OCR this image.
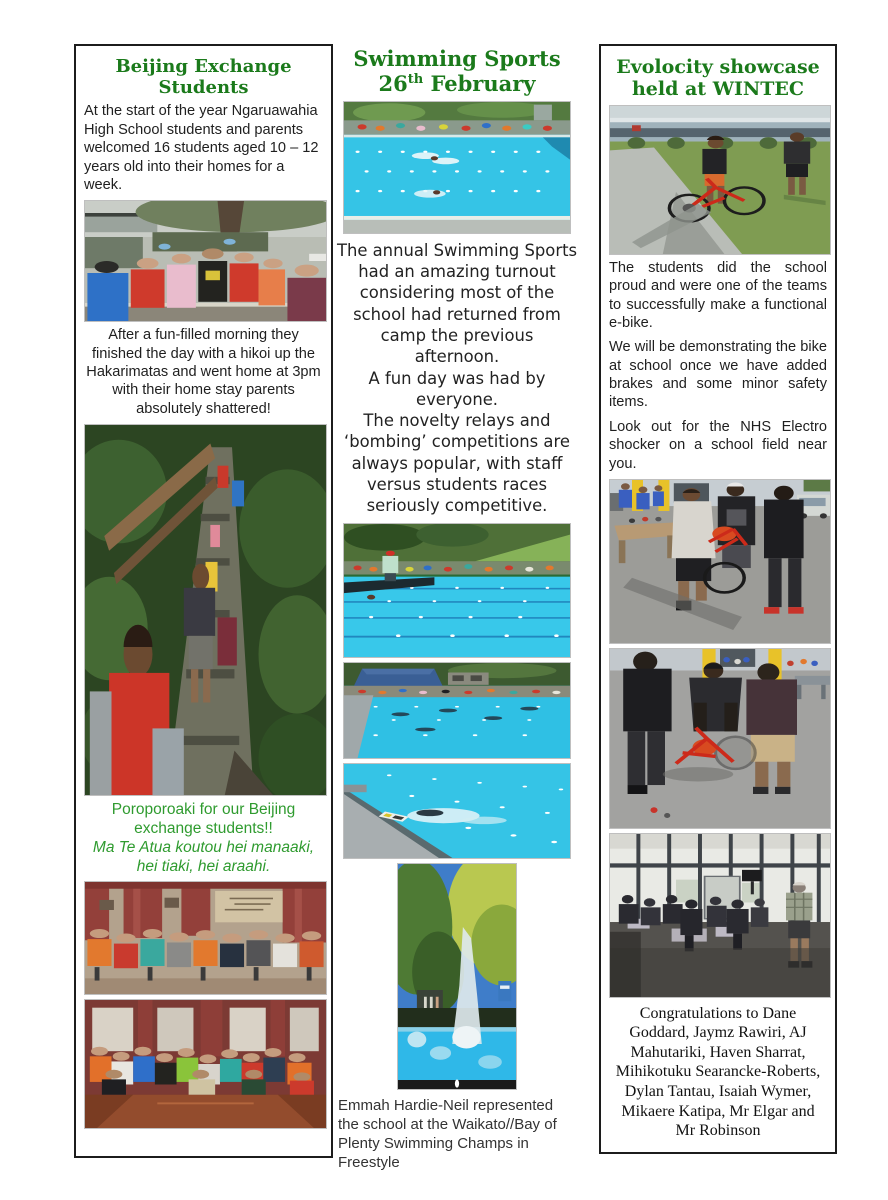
Beijing Exchange
Students

At the start of the year Ngaruawahia High School students and parents welcomed 16 students aged 10 – 12 years old into their homes for a week.

After a fun-filled morning they finished the day with a hikoi up the Hakarimatas and went home at 3pm with their home stay parents absolutely shattered!

Poroporoaki for our Beijing exchange students!!
Ma Te Atua koutou hei manaaki, hei tiaki, hei araahi.

Swimming Sports
26th February

The annual Swimming Sports had an amazing turnout considering most of the school had returned from camp the previous afternoon.

A fun day was had by everyone.

The novelty relays and ‘bombing’ competitions are always popular, with staff versus students races seriously competitive.

Emmah Hardie-Neil represented the school at the Waikato//Bay of Plenty Swimming Champs in Freestyle

Evolocity showcase
held at WINTEC

The students did the school proud and were one of the teams to successfully make a functional e-bike.

We will be demonstrating the bike at school once we have added brakes and some minor safety items.

Look out for the NHS Electro shocker on a school field near you.

Congratulations to Dane Goddard, Jaymz Rawiri, AJ Mahutariki, Haven Sharrat, Mihikotuku Searancke-Roberts, Dylan Tantau, Isaiah Wymer, Mikaere Katipa, Mr Elgar and Mr Robinson
